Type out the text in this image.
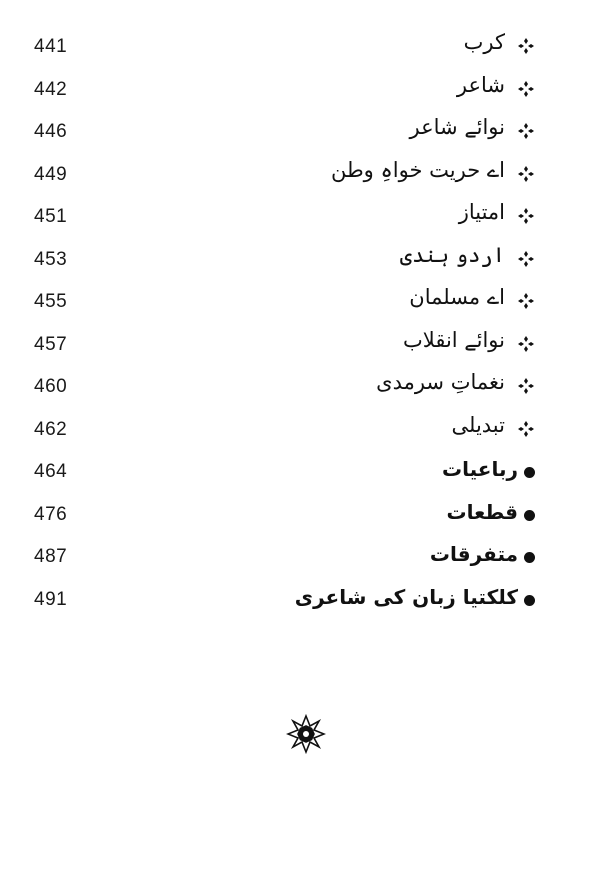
441	کرب
442	شاعر
446	نوائے شاعر
449	اے حریت خواہِ وطن
451	امتیاز
453	اردو ہندی
455	اے مسلمان
457	نوائے انقلاب
460	نغماتِ سرمدی
462	تبدیلی
464	رباعیات
476	قطعات
487	متفرقات
491	کلکتیا زبان کی شاعری
